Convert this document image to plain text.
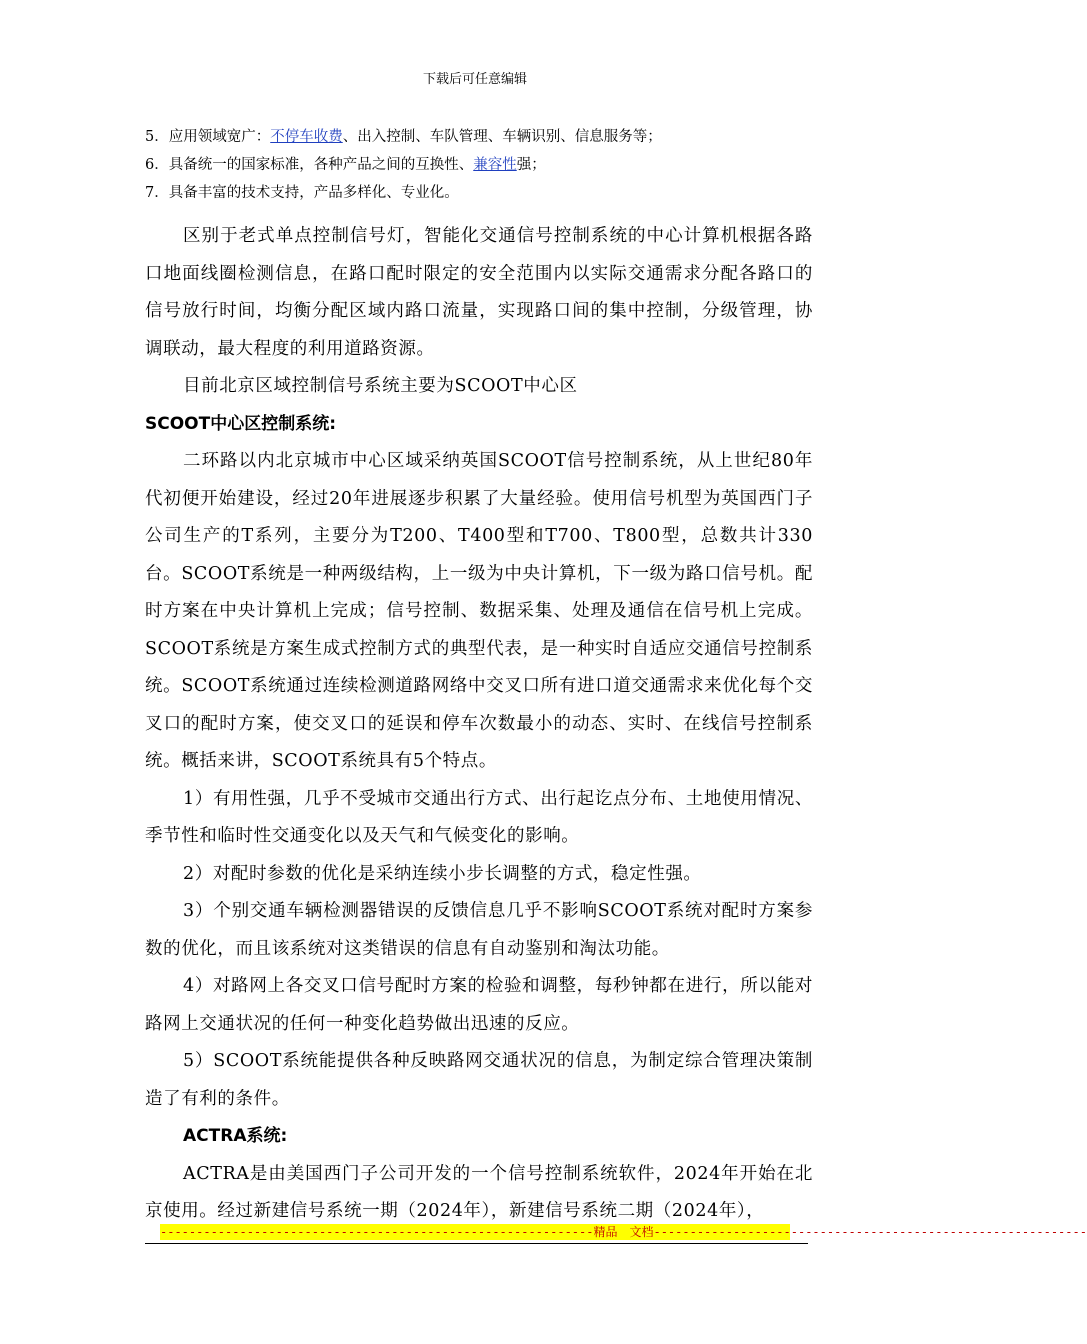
下载后可任意编辑
5．应用领域宽广：不停车收费、出入控制、车队管理、车辆识别、信息服务等；
6．具备统一的国家标准，各种产品之间的互换性、兼容性强；
7．具备丰富的技术支持，产品多样化、专业化。

区别于老式单点控制信号灯，智能化交通信号控制系统的中心计算机根据各路口地面线圈检测信息，在路口配时限定的安全范围内以实际交通需求分配各路口的信号放行时间，均衡分配区域内路口流量，实现路口间的集中控制，分级管理，协调联动，最大程度的利用道路资源。

目前北京区域控制信号系统主要为SCOOT中心区

SCOOT中心区控制系统:

二环路以内北京城市中心区域采纳英国SCOOT信号控制系统，从上世纪80年代初便开始建设，经过20年进展逐步积累了大量经验。使用信号机型为英国西门子公司生产的T系列，主要分为T200、T400型和T700、T800型，总数共计330台。SCOOT系统是一种两级结构，上一级为中央计算机，下一级为路口信号机。配时方案在中央计算机上完成；信号控制、数据采集、处理及通信在信号机上完成。SCOOT系统是方案生成式控制方式的典型代表，是一种实时自适应交通信号控制系统。SCOOT系统通过连续检测道路网络中交叉口所有进口道交通需求来优化每个交叉口的配时方案，使交叉口的延误和停车次数最小的动态、实时、在线信号控制系统。概括来讲，SCOOT系统具有5个特点。

1）有用性强，几乎不受城市交通出行方式、出行起讫点分布、土地使用情况、季节性和临时性交通变化以及天气和气候变化的影响。

2）对配时参数的优化是采纳连续小步长调整的方式，稳定性强。

3）个别交通车辆检测器错误的反馈信息几乎不影响SCOOT系统对配时方案参数的优化，而且该系统对这类错误的信息有自动鉴别和淘汰功能。

4）对路网上各交叉口信号配时方案的检验和调整，每秒钟都在进行，所以能对路网上交通状况的任何一种变化趋势做出迅速的反应。

5）SCOOT系统能提供各种反映路网交通状况的信息，为制定综合管理决策制造了有利的条件。

ACTRA系统:

ACTRA是由美国西门子公司开发的一个信号控制系统软件，2024年开始在北京使用。经过新建信号系统一期（2024年），新建信号系统二期（2024年），

------------------------------------------------------------精品　文档------------------------------------------------------------
